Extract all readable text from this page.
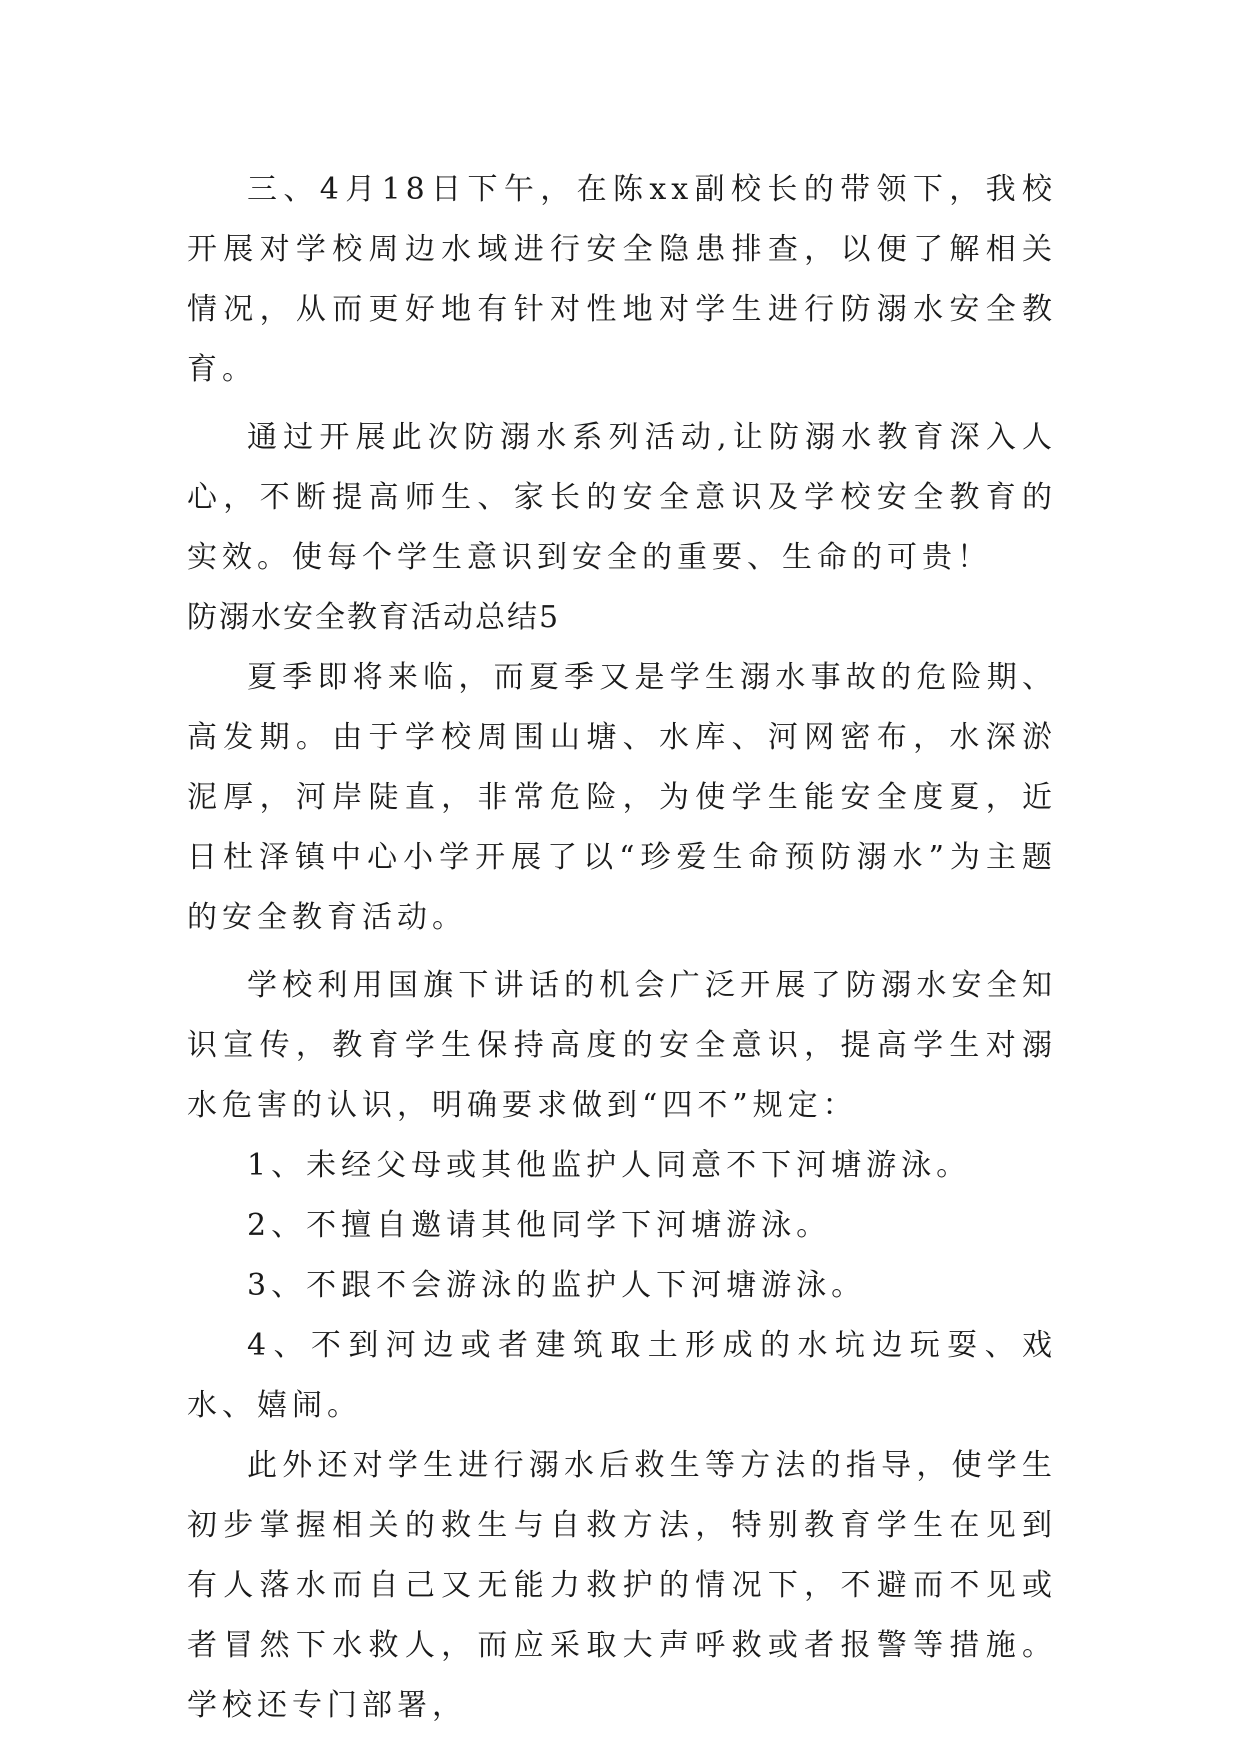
三、4月18日下午，在陈xx副校长的带领下，我校开展对学校周边水域进行安全隐患排查，以便了解相关情况，从而更好地有针对性地对学生进行防溺水安全教育。

通过开展此次防溺水系列活动,让防溺水教育深入人心，不断提高师生、家长的安全意识及学校安全教育的实效。使每个学生意识到安全的重要、生命的可贵！

防溺水安全教育活动总结5

夏季即将来临，而夏季又是学生溺水事故的危险期、高发期。由于学校周围山塘、水库、河网密布，水深淤泥厚，河岸陡直，非常危险，为使学生能安全度夏，近日杜泽镇中心小学开展了以“珍爱生命预防溺水”为主题的安全教育活动。

学校利用国旗下讲话的机会广泛开展了防溺水安全知识宣传，教育学生保持高度的安全意识，提高学生对溺水危害的认识，明确要求做到“四不”规定：

1、未经父母或其他监护人同意不下河塘游泳。

2、不擅自邀请其他同学下河塘游泳。

3、不跟不会游泳的监护人下河塘游泳。

4、不到河边或者建筑取土形成的水坑边玩耍、戏水、嬉闹。

此外还对学生进行溺水后救生等方法的指导，使学生初步掌握相关的救生与自救方法，特别教育学生在见到有人落水而自己又无能力救护的情况下，不避而不见或者冒然下水救人，而应采取大声呼救或者报警等措施。学校还专门部署，
